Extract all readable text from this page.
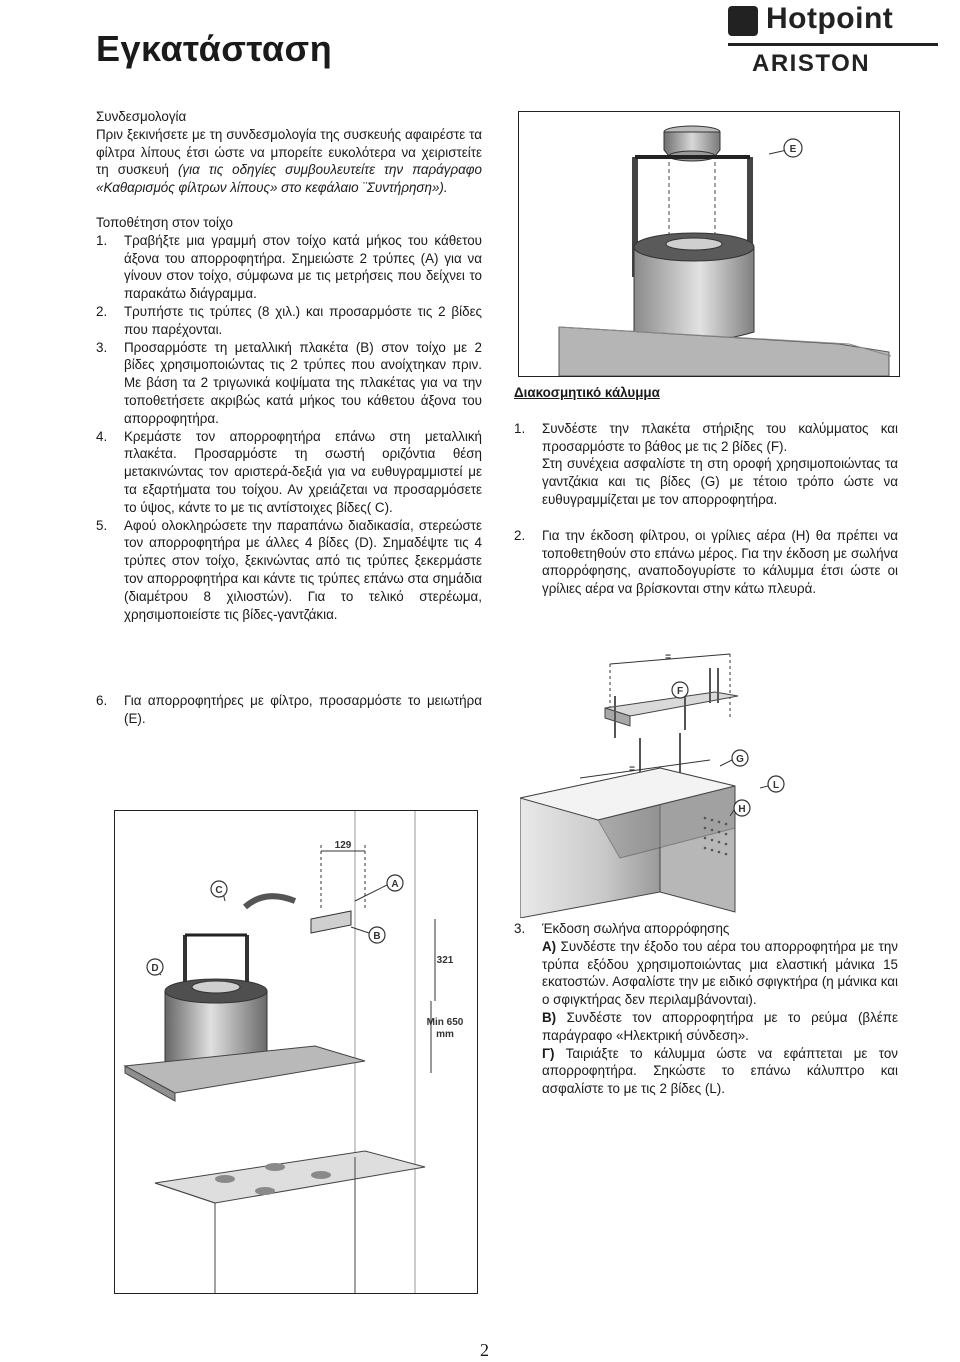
Εγκατάσταση
Hotpoint
ARISTON

Συνδεσμολογία

Πριν ξεκινήσετε με τη συνδεσμολογία της συσκευής αφαιρέστε τα φίλτρα λίπους έτσι ώστε να μπορείτε ευκολότερα να χειριστείτε τη συσκευή (για τις οδηγίες συμβουλευτείτε την παράγραφο «Καθαρισμός φίλτρων λίπους» στο κεφάλαιο ¨Συντήρηση»).

Τοποθέτηση στον τοίχο

1.	Τραβήξτε μια γραμμή στον τοίχο κατά μήκος του κάθετου άξονα του απορροφητήρα. Σημειώστε 2 τρύπες (A) για να γίνουν στον τοίχο, σύμφωνα με τις μετρήσεις που δείχνει το παρακάτω διάγραμμα.
2.	Τρυπήστε τις τρύπες (8 χιλ.) και προσαρμόστε τις 2 βίδες που παρέχονται.
3.	Προσαρμόστε τη μεταλλική πλακέτα (B) στον τοίχο με 2 βίδες χρησιμοποιώντας τις 2 τρύπες που ανοίχτηκαν πριν. Με βάση τα 2 τριγωνικά κοψίματα της πλακέτας για να την τοποθετήσετε ακριβώς κατά μήκος του κάθετου άξονα του απορροφητήρα.
4.	Κρεμάστε τον απορροφητήρα επάνω στη μεταλλική πλακέτα. Προσαρμόστε τη σωστή οριζόντια θέση μετακινώντας τον αριστερά-δεξιά για να ευθυγραμμιστεί με τα εξαρτήματα του τοίχου. Αν χρειάζεται να προσαρμόσετε το ύψος, κάντε το με τις αντίστοιχες βίδες( C).
5.	Αφού ολοκληρώσετε την παραπάνω διαδικασία, στερεώστε τον απορροφητήρα με άλλες 4 βίδες (D). Σημαδέψτε τις 4 τρύπες στον τοίχο, ξεκινώντας από τις τρύπες ξεκερμάστε τον απορροφητήρα και κάντε τις τρύπες επάνω στα σημάδια (διαμέτρου 8 χιλιοστών). Για το τελικό στερέωμα, χρησιμοποιείστε τις βίδες-γαντζάκια.
6.	Για απορροφητήρες με φίλτρο, προσαρμόστε το μειωτήρα (E).

Διακοσμητικό κάλυμμα

1.	Συνδέστε την πλακέτα στήριξης του καλύμματος και προσαρμόστε το βάθος με τις 2 βίδες (F).
Στη συνέχεια ασφαλίστε τη στη οροφή χρησιμοποιώντας τα γαντζάκια και τις βίδες (G) με τέτοιο τρόπο ώστε να ευθυγραμμίζεται με τον απορροφητήρα.

2.	Για την έκδοση φίλτρου, οι γρίλιες αέρα (H) θα πρέπει να τοποθετηθούν στο επάνω μέρος. Για την έκδοση με σωλήνα απορρόφησης, αναποδογυρίστε το κάλυμμα έτσι ώστε οι γρίλιες αέρα να βρίσκονται στην κάτω πλευρά.
3.	Έκδοση σωλήνα απορρόφησης

A) Συνδέστε την έξοδο του αέρα του απορροφητήρα με την τρύπα εξόδου χρησιμοποιώντας μια ελαστική μάνικα 15 εκατοστών. Ασφαλίστε την με ειδικό σφιγκτήρα (η μάνικα και ο σφιγκτήρας δεν περιλαμβάνονται).

B) Συνδέστε τον απορροφητήρα με το ρεύμα (βλέπε παράγραφο «Ηλεκτρική σύνδεση».

Γ) Ταιριάξτε το κάλυμμα ώστε να εφάπτεται με τον απορροφητήρα. Σηκώστε το επάνω κάλυπτρο και ασφαλίστε το με τις 2 βίδες (L).

E
=
F
=
G
L
H
129
321
Min 650
mm
C
A
B
D
2
